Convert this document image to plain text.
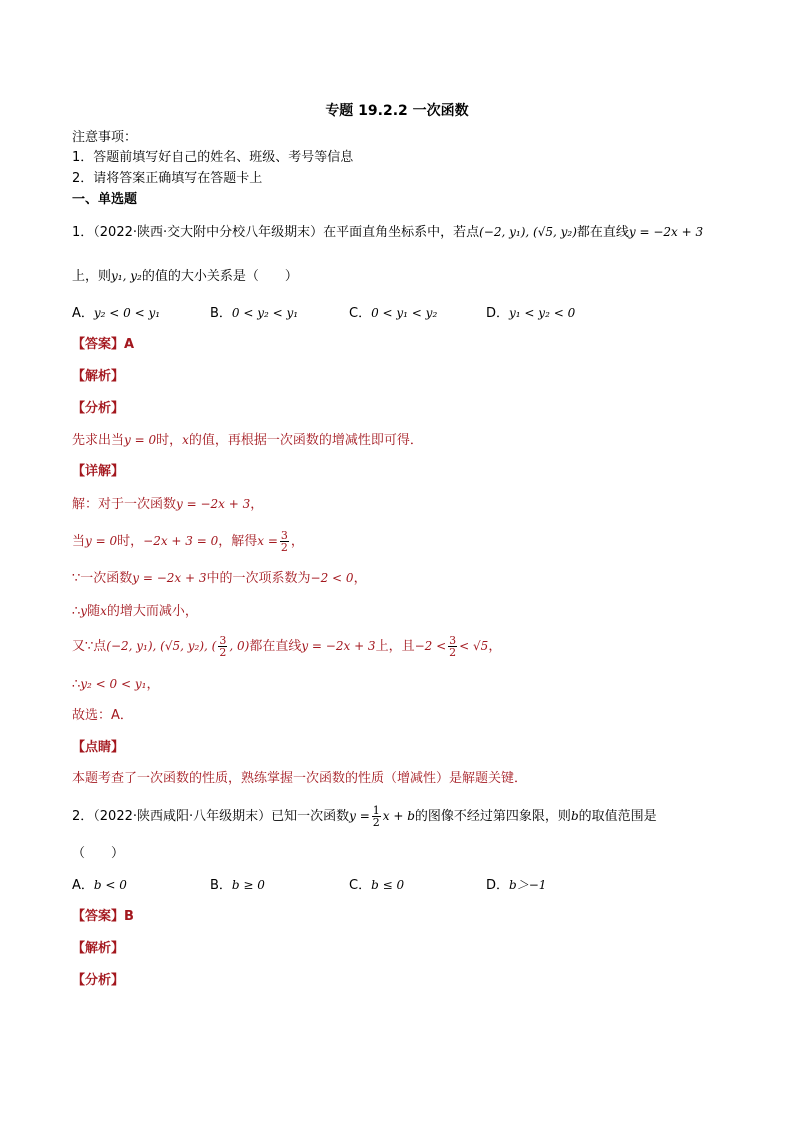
专题 19.2.2 一次函数
注意事项：
1．答题前填写好自己的姓名、班级、考号等信息
2．请将答案正确填写在答题卡上
一、单选题
1．（2022·陕西·交大附中分校八年级期末）在平面直角坐标系中，若点(−2, y₁), (√5, y₂)都在直线y = −2x + 3
上，则y₁, y₂的值的大小关系是（　　）
A．y₂ < 0 < y₁	B．0 < y₂ < y₁	C．0 < y₁ < y₂	D．y₁ < y₂ < 0
【答案】A
【解析】
【分析】
先求出当y = 0时，x的值，再根据一次函数的增减性即可得．
【详解】
解：对于一次函数y = −2x + 3，
当y = 0时，−2x + 3 = 0，解得$x = \frac{3}{2}$ ，
∵一次函数y = −2x + 3中的一次项系数为−2 < 0，
∴y随x的增大而减小，
又∵点(−2, y₁), (√5, y₂), ( $\frac{3}{2}$ , 0)都在直线y = −2x + 3上，且$-2 < \frac{3}{2} < √5$，
∴y₂ < 0 < y₁，
故选：A．
【点睛】
本题考查了一次函数的性质，熟练掌握一次函数的性质（增减性）是解题关键．
2．（2022·陕西咸阳·八年级期末）已知一次函数$y = \frac{1}{2}$ x + b的图像不经过第四象限，则b的取值范围是
（　　）
A．b < 0	B．b ≥ 0	C．b ≤ 0	D．b＞−1
【答案】B
【解析】
【分析】
